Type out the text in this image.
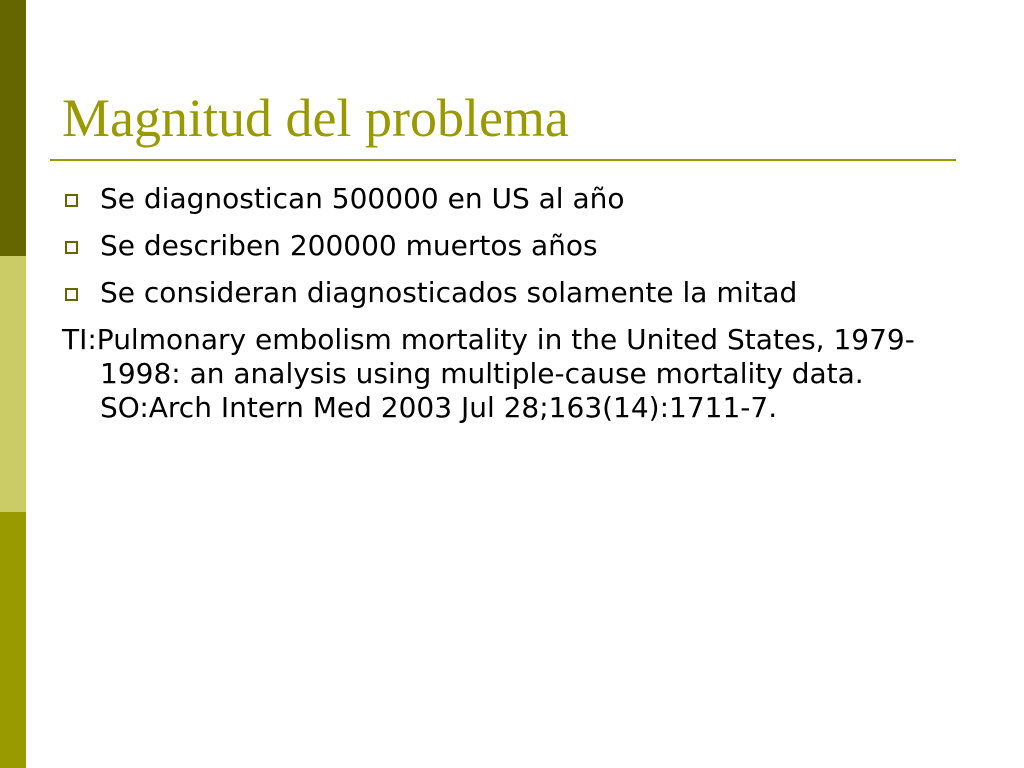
Magnitud del problema
Se diagnostican 500000 en US al año
Se describen 200000 muertos años
Se consideran diagnosticados solamente la mitad

TI:Pulmonary embolism mortality in the United States, 1979-1998: an analysis using multiple-cause mortality data. SO:Arch Intern Med 2003 Jul 28;163(14):1711-7.
